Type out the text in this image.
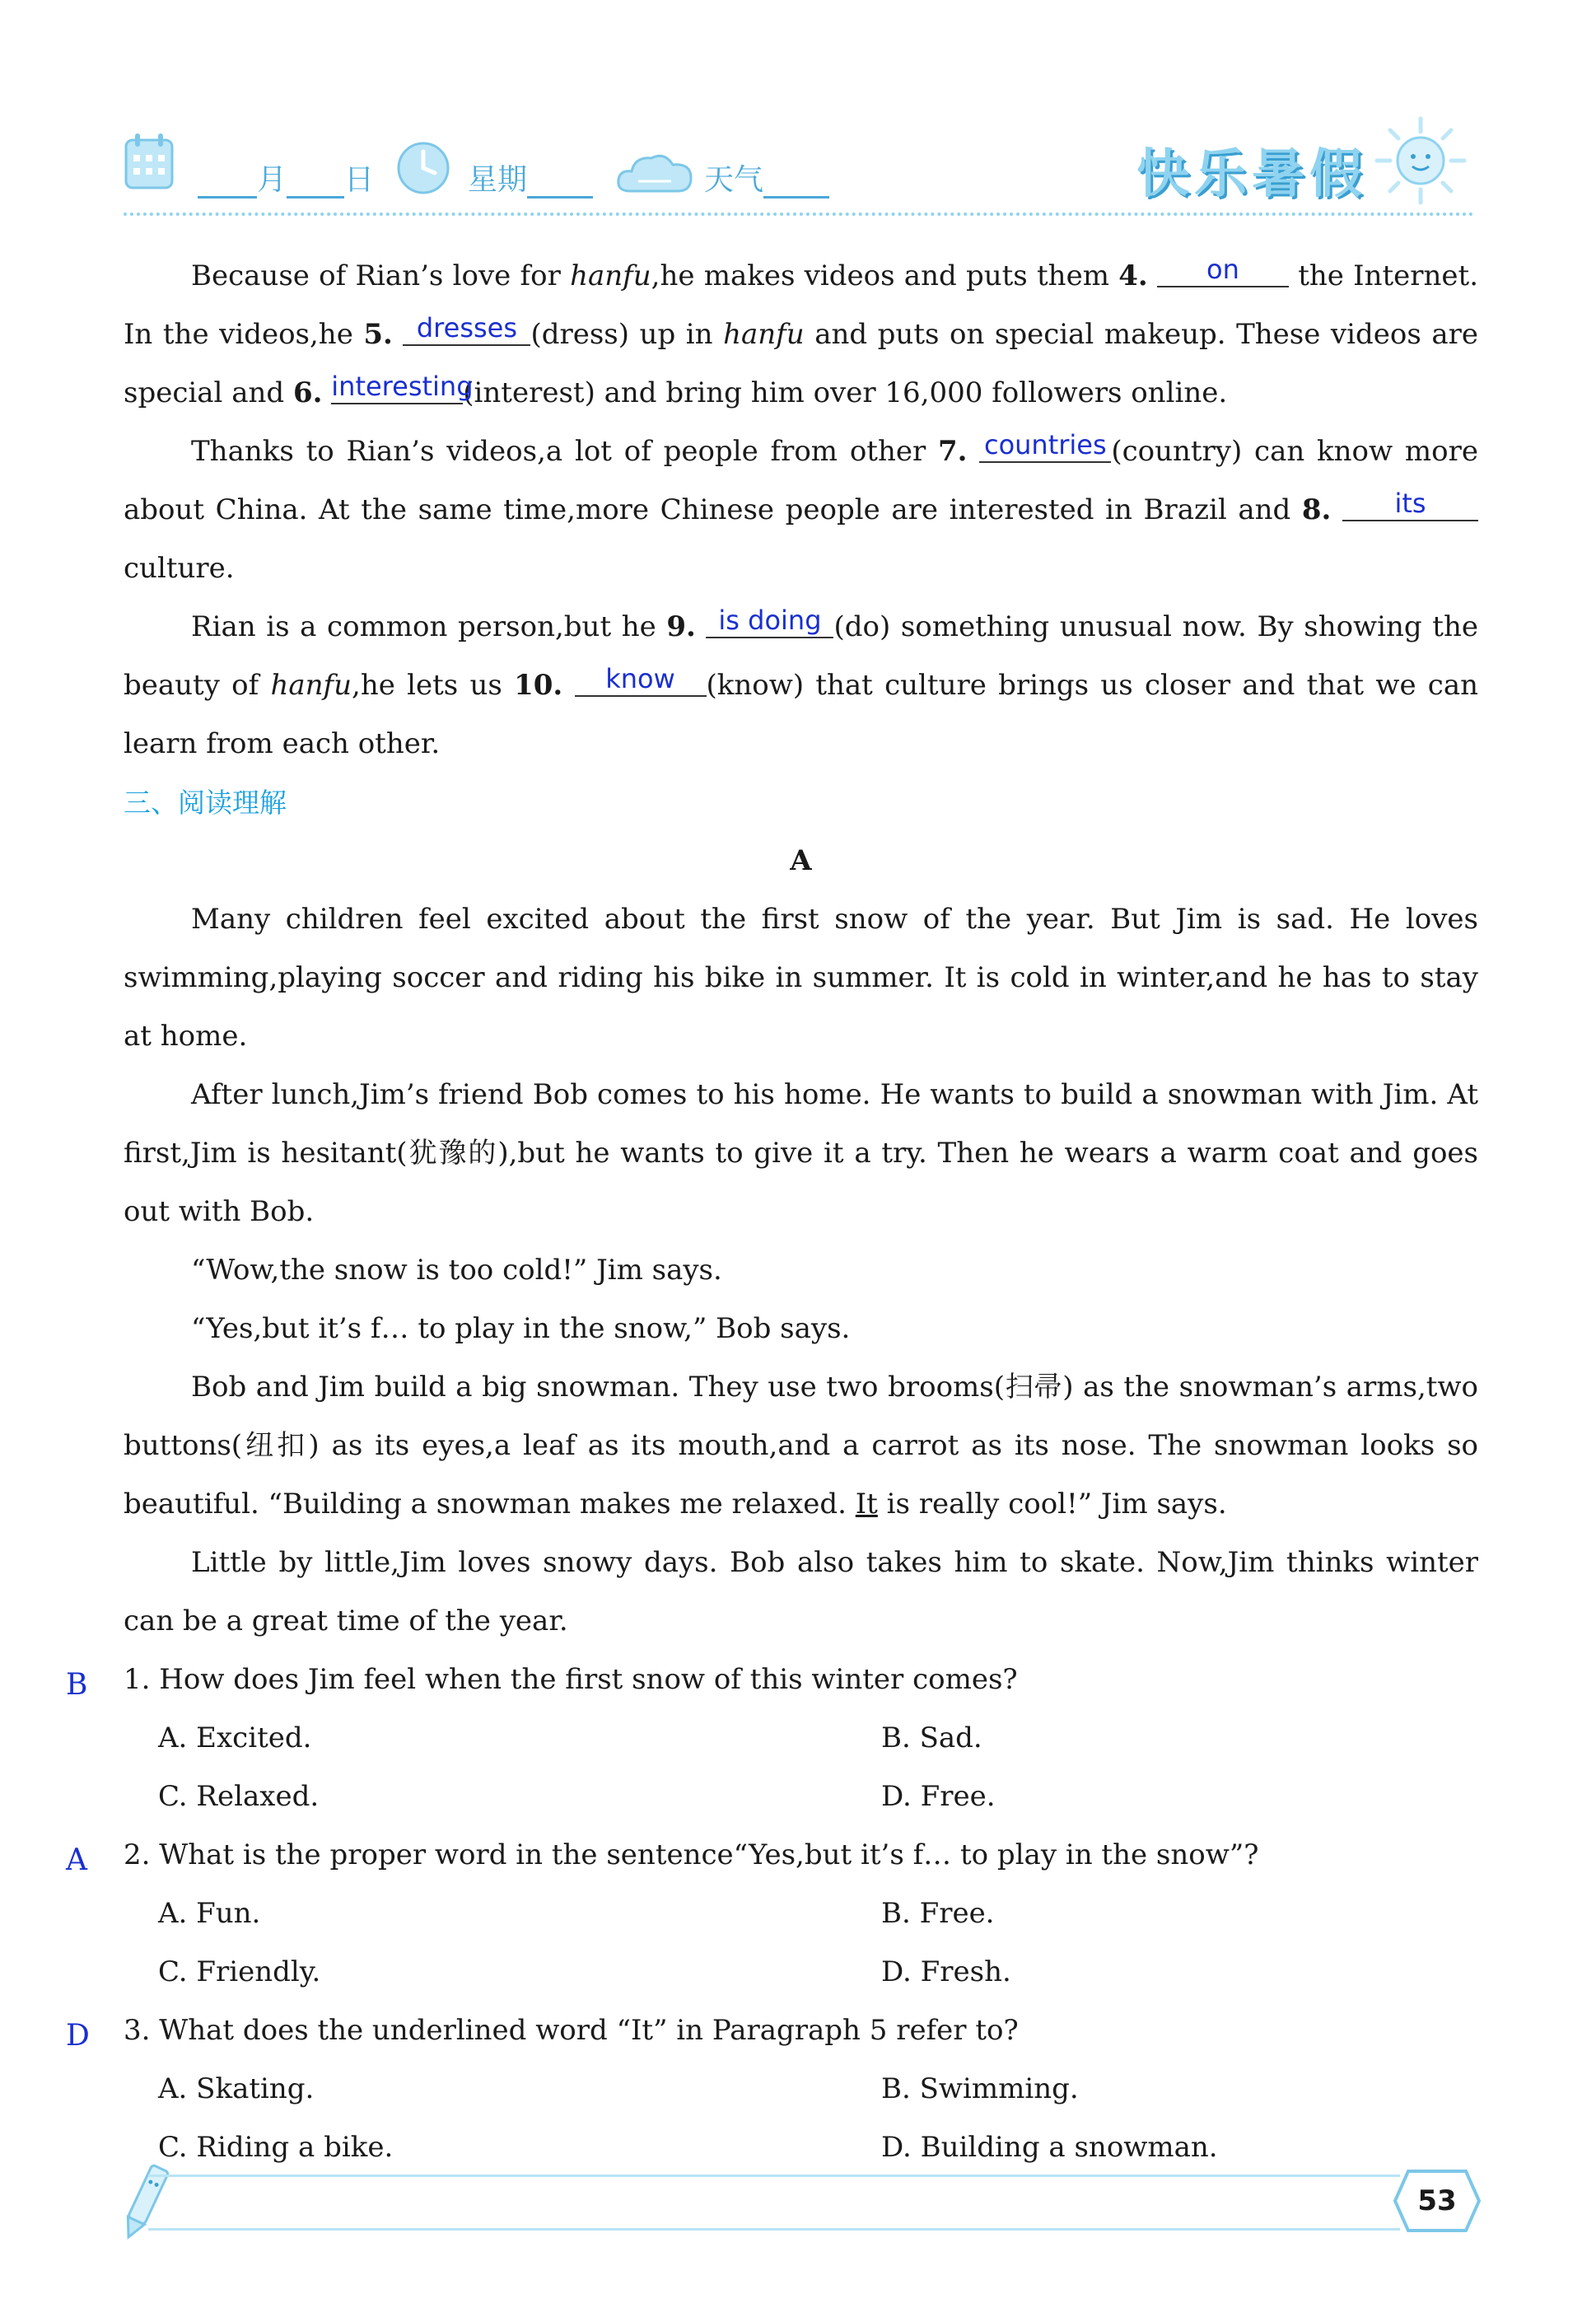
月 日	星期	天气	快乐暑假

Because of Rian’s love for hanfu,he makes videos and puts them 4. on the Internet. In the videos,he 5. dresses (dress) up in hanfu and puts on special makeup. These videos are special and 6. interesting(interest) and bring him over 16,000 followers online.

Thanks to Rian’s videos,a lot of people from other 7. countries (country) can know more about China. At the same time,more Chinese people are interested in Brazil and 8. its culture.

Rian is a common person,but he 9. is doing (do) something unusual now. By showing the beauty of hanfu,he lets us 10. know (know) that culture brings us closer and that we can learn from each other.

三、阅读理解

A

Many children feel excited about the first snow of the year. But Jim is sad. He loves swimming,playing soccer and riding his bike in summer. It is cold in winter,and he has to stay at home.

After lunch,Jim’s friend Bob comes to his home. He wants to build a snowman with Jim. At first,Jim is hesitant(犹豫的),but he wants to give it a try. Then he wears a warm coat and goes out with Bob.

“Wow,the snow is too cold!” Jim says.

“Yes,but it’s f… to play in the snow,” Bob says.

Bob and Jim build a big snowman. They use two brooms(扫帚) as the snowman’s arms,two buttons(纽扣) as its eyes,a leaf as its mouth,and a carrot as its nose. The snowman looks so beautiful. “Building a snowman makes me relaxed. It is really cool!” Jim says.

Little by little,Jim loves snowy days. Bob also takes him to skate. Now,Jim thinks winter can be a great time of the year.

B 1. How does Jim feel when the first snow of this winter comes?

A. Excited.	B. Sad.
C. Relaxed.	D. Free.
A 2. What is the proper word in the sentence“Yes,but it’s f… to play in the snow”?

A. Fun.	B. Free.
C. Friendly.	D. Fresh.
D 3. What does the underlined word “It” in Paragraph 5 refer to?

A. Skating.	B. Swimming.
C. Riding a bike.	D. Building a snowman.
53
